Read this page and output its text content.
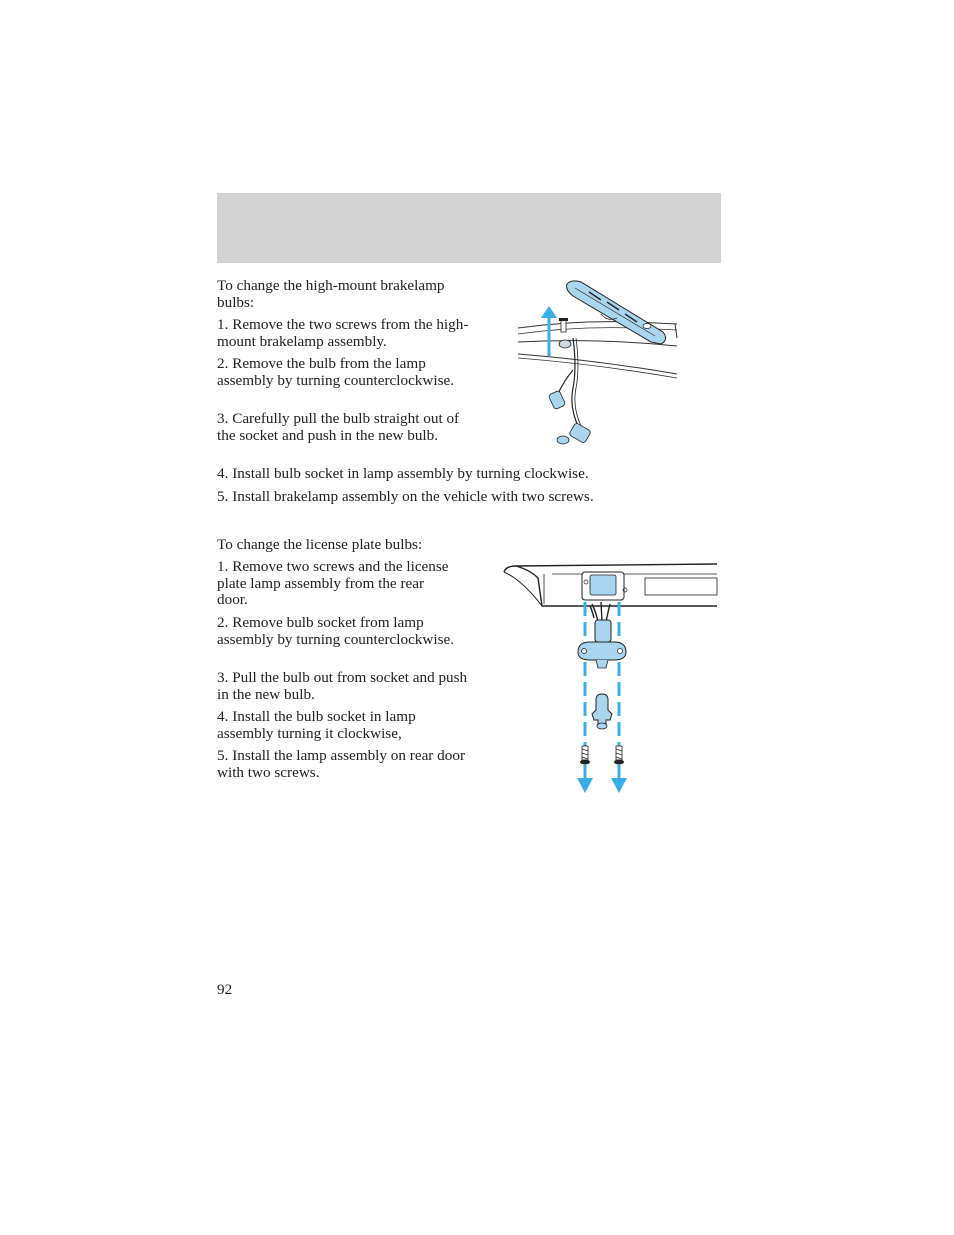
To change the high-mount brakelamp bulbs:

1. Remove the two screws from the high-mount brakelamp assembly.

2. Remove the bulb from the lamp assembly by turning counterclockwise.

3. Carefully pull the bulb straight out of the socket and push in the new bulb.

4. Install bulb socket in lamp assembly by turning clockwise.

5. Install brakelamp assembly on the vehicle with two screws.

To change the license plate bulbs:

1. Remove two screws and the license plate lamp assembly from the rear door.

2. Remove bulb socket from lamp assembly by turning counterclockwise.

3. Pull the bulb out from socket and push in the new bulb.

4. Install the bulb socket in lamp assembly turning it clockwise,

5. Install the lamp assembly on rear door with two screws.

92
